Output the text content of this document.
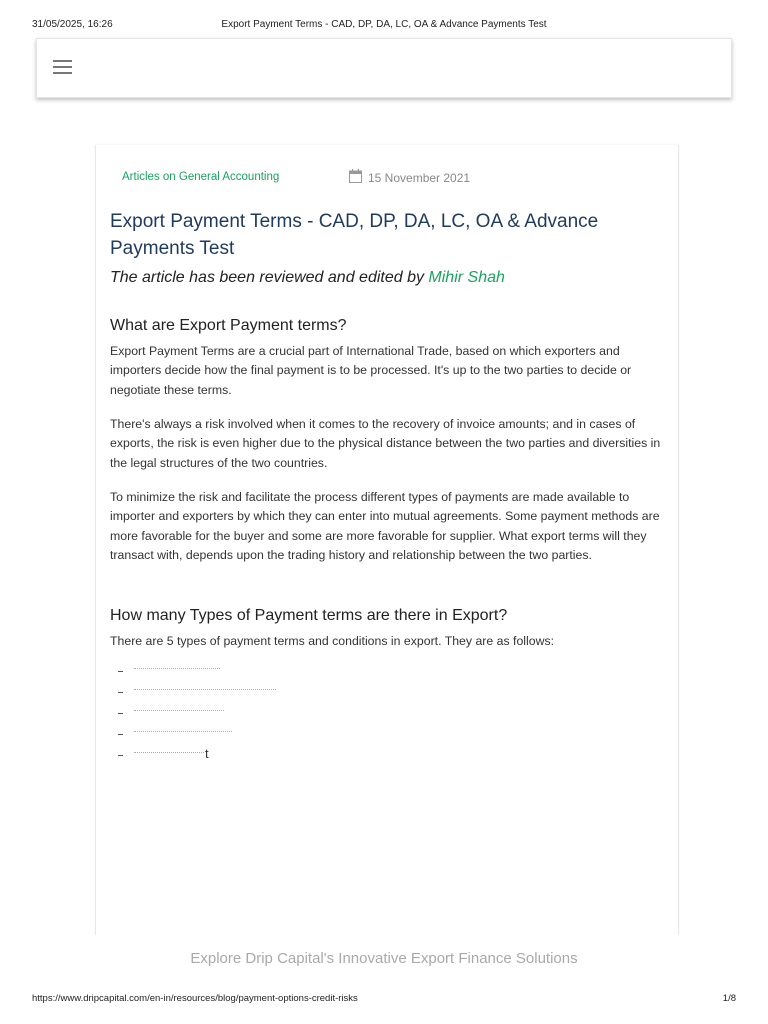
31/05/2025, 16:26	Export Payment Terms - CAD, DP, DA, LC, OA & Advance Payments Test
Articles on General Accounting	15 November 2021
Export Payment Terms - CAD, DP, DA, LC, OA & Advance Payments Test

The article has been reviewed and edited by Mihir Shah

What are Export Payment terms?

Export Payment Terms are a crucial part of International Trade, based on which exporters and importers decide how the final payment is to be processed. It's up to the two parties to decide or negotiate these terms.

There's always a risk involved when it comes to the recovery of invoice amounts; and in cases of exports, the risk is even higher due to the physical distance between the two parties and diversities in the legal structures of the two countries.

To minimize the risk and facilitate the process different types of payments are made available to importer and exporters by which they can enter into mutual agreements. Some payment methods are more favorable for the buyer and some are more favorable for supplier. What export terms will they transact with, depends upon the trading history and relationship between the two parties.

How many Types of Payment terms are there in Export?

There are 5 types of payment terms and conditions in export. They are as follows:

$^t$
Explore Drip Capital's Innovative Export Finance Solutions
https://www.dripcapital.com/en-in/resources/blog/payment-options-credit-risks	1/8
